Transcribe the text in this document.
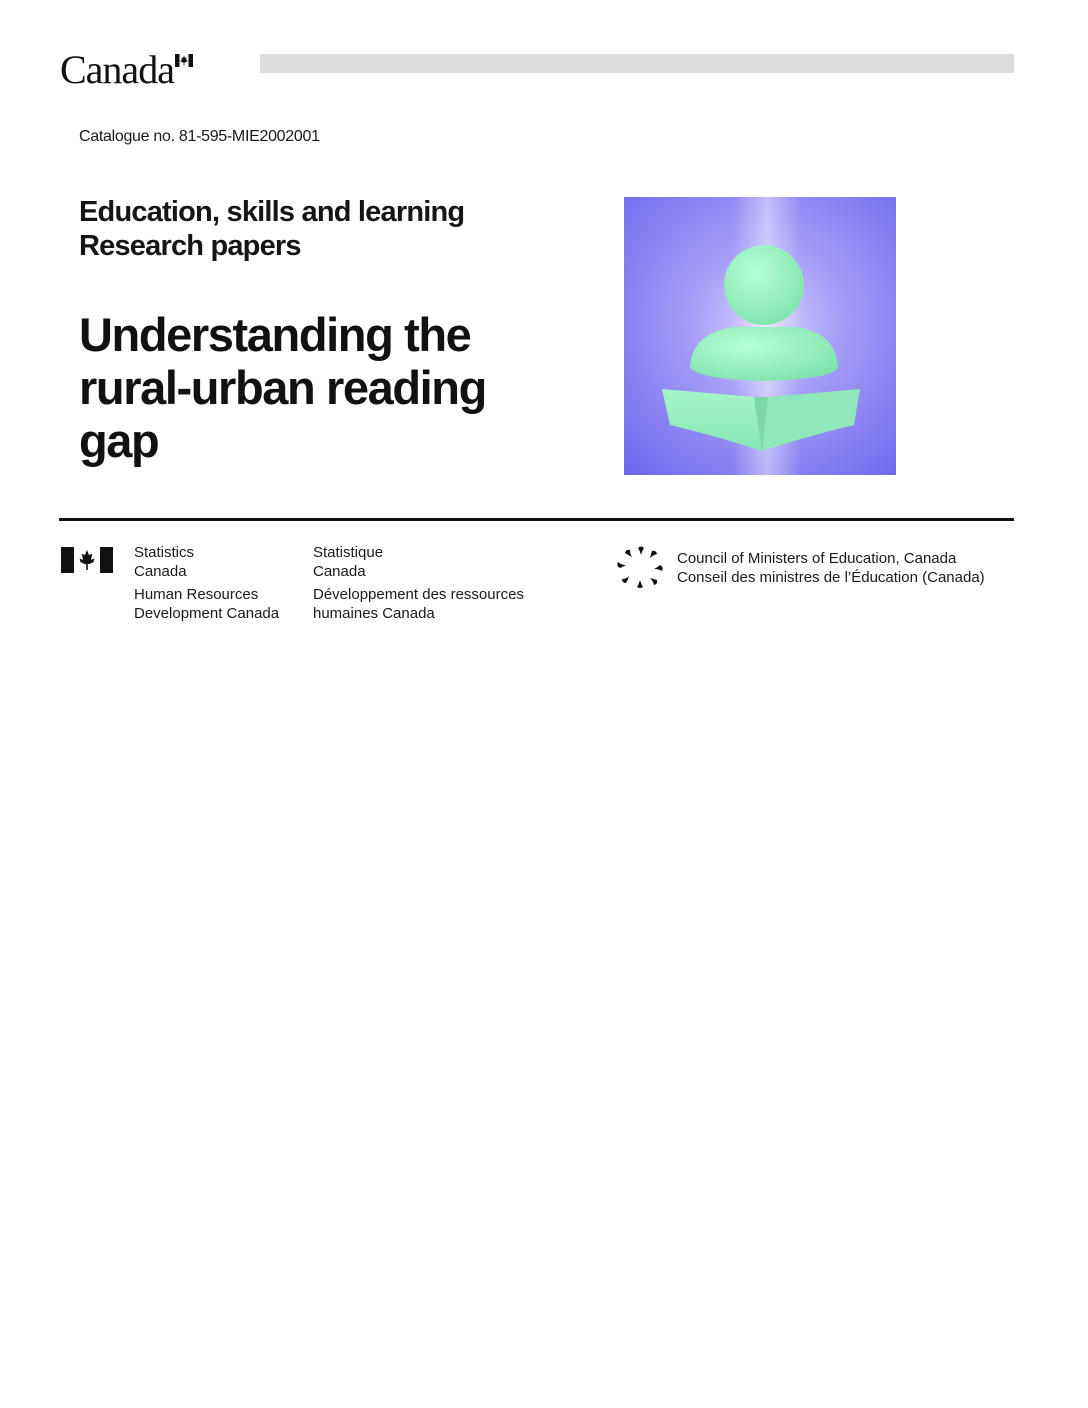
Canada
Catalogue no. 81-595-MIE2002001
Education, skills and learning
Research papers
Understanding the
rural-urban reading
gap
Statistics
Canada
Statistique
Canada
Human Resources
Development Canada
Développement des ressources
humaines Canada
Council of Ministers of Education, Canada
Conseil des ministres de l’Éducation (Canada)
